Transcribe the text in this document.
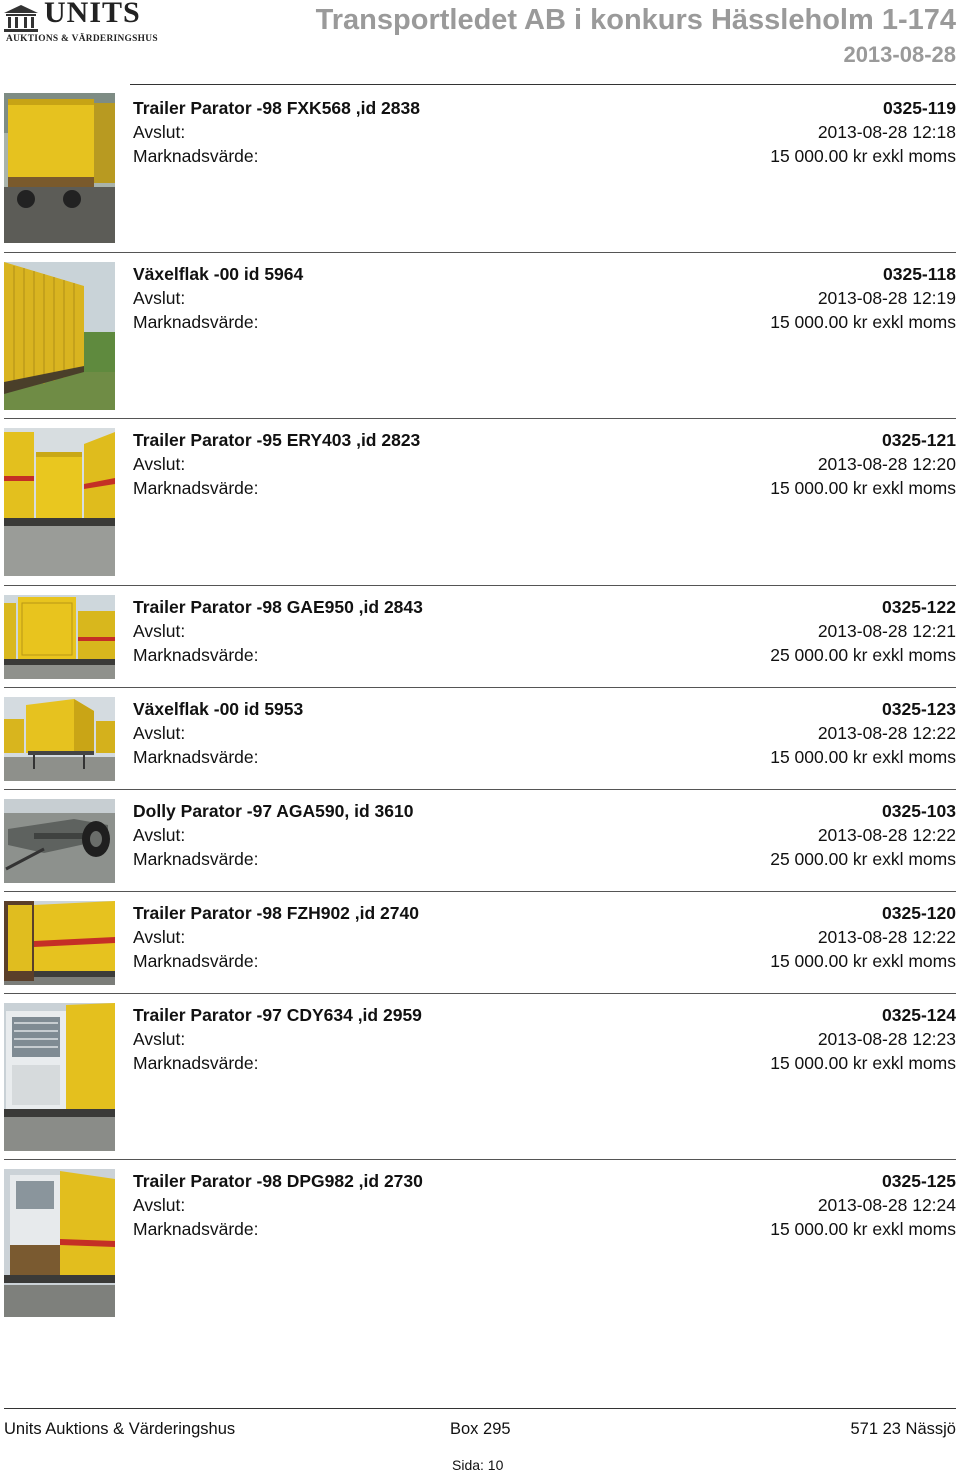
UNITS
AUKTIONS & VÄRDERINGSHUS
Transportledet AB i konkurs Hässleholm 1-174
2013-08-28
Trailer Parator -98 FXK568 ,id 2838	0325-119
Avslut:	2013-08-28 12:18
Marknadsvärde:	15 000.00 kr exkl moms
Växelflak -00 id 5964	0325-118
Avslut:	2013-08-28 12:19
Marknadsvärde:	15 000.00 kr exkl moms
Trailer Parator -95 ERY403 ,id 2823	0325-121
Avslut:	2013-08-28 12:20
Marknadsvärde:	15 000.00 kr exkl moms
Trailer Parator -98 GAE950 ,id 2843	0325-122
Avslut:	2013-08-28 12:21
Marknadsvärde:	25 000.00 kr exkl moms
Växelflak -00 id 5953	0325-123
Avslut:	2013-08-28 12:22
Marknadsvärde:	15 000.00 kr exkl moms
Dolly Parator -97 AGA590, id 3610	0325-103
Avslut:	2013-08-28 12:22
Marknadsvärde:	25 000.00 kr exkl moms
Trailer Parator -98 FZH902 ,id 2740	0325-120
Avslut:	2013-08-28 12:22
Marknadsvärde:	15 000.00 kr exkl moms
Trailer Parator -97 CDY634 ,id 2959	0325-124
Avslut:	2013-08-28 12:23
Marknadsvärde:	15 000.00 kr exkl moms
Trailer Parator -98 DPG982 ,id 2730	0325-125
Avslut:	2013-08-28 12:24
Marknadsvärde:	15 000.00 kr exkl moms
Units Auktions & Värderingshus	Box 295	571 23 Nässjö
Sida: 10
